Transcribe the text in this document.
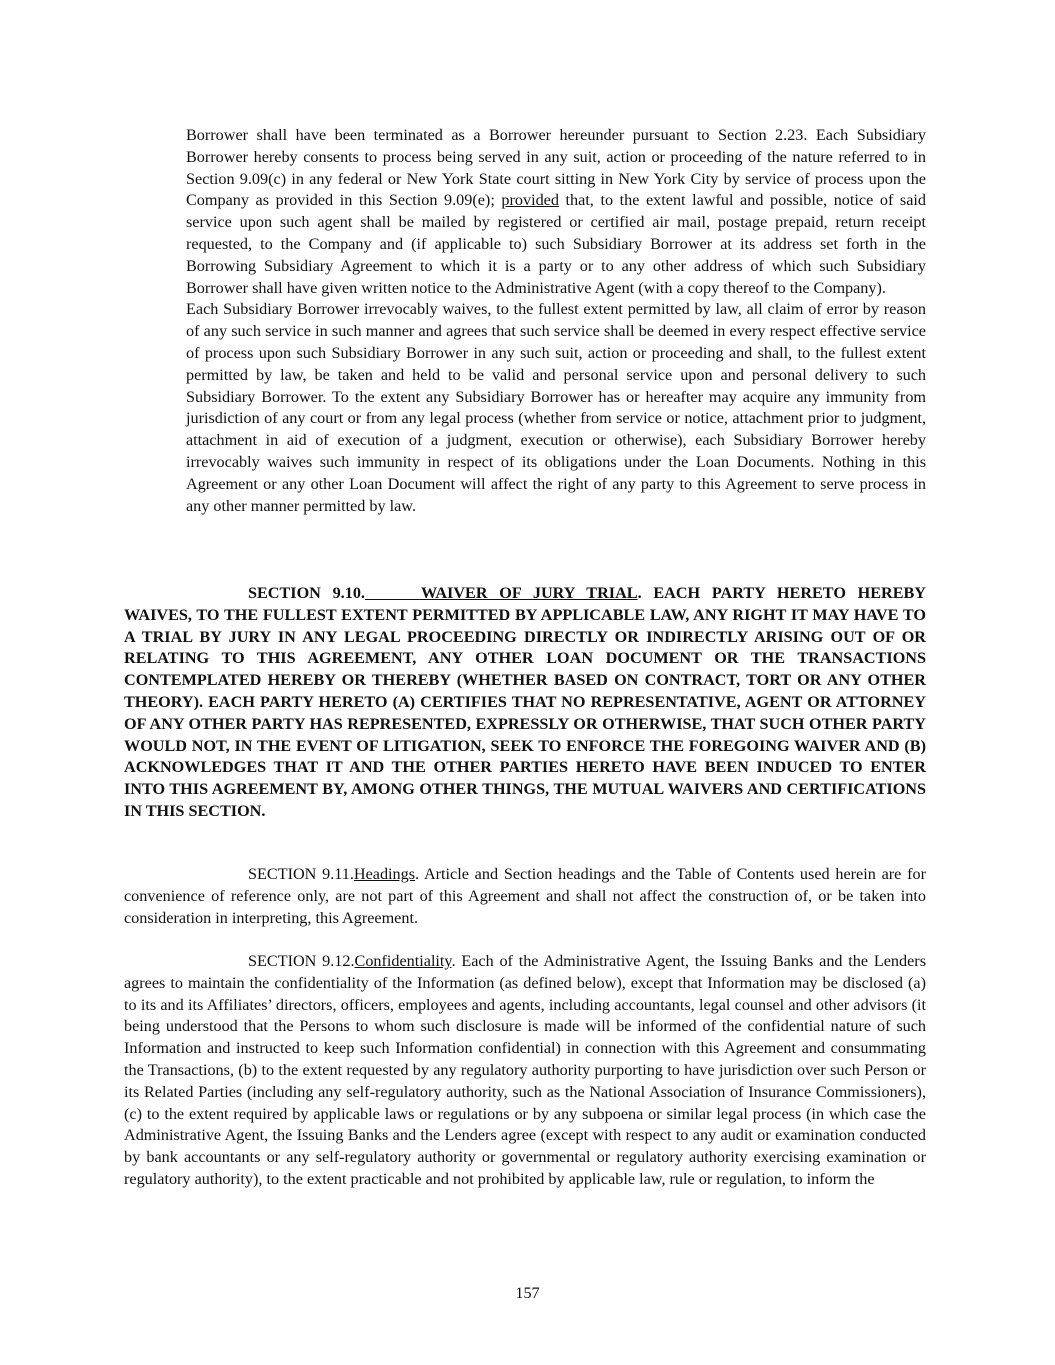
Borrower shall have been terminated as a Borrower hereunder pursuant to Section 2.23. Each Subsidiary Borrower hereby consents to process being served in any suit, action or proceeding of the nature referred to in Section 9.09(c) in any federal or New York State court sitting in New York City by service of process upon the Company as provided in this Section 9.09(e); provided that, to the extent lawful and possible, notice of said service upon such agent shall be mailed by registered or certified air mail, postage prepaid, return receipt requested, to the Company and (if applicable to) such Subsidiary Borrower at its address set forth in the Borrowing Subsidiary Agreement to which it is a party or to any other address of which such Subsidiary Borrower shall have given written notice to the Administrative Agent (with a copy thereof to the Company).
Each Subsidiary Borrower irrevocably waives, to the fullest extent permitted by law, all claim of error by reason of any such service in such manner and agrees that such service shall be deemed in every respect effective service of process upon such Subsidiary Borrower in any such suit, action or proceeding and shall, to the fullest extent permitted by law, be taken and held to be valid and personal service upon and personal delivery to such Subsidiary Borrower. To the extent any Subsidiary Borrower has or hereafter may acquire any immunity from jurisdiction of any court or from any legal process (whether from service or notice, attachment prior to judgment, attachment in aid of execution of a judgment, execution or otherwise), each Subsidiary Borrower hereby irrevocably waives such immunity in respect of its obligations under the Loan Documents. Nothing in this Agreement or any other Loan Document will affect the right of any party to this Agreement to serve process in any other manner permitted by law.

SECTION 9.10.	WAIVER OF JURY TRIAL. EACH PARTY HERETO HEREBY WAIVES, TO THE FULLEST EXTENT PERMITTED BY APPLICABLE LAW, ANY RIGHT IT MAY HAVE TO A TRIAL BY JURY IN ANY LEGAL PROCEEDING DIRECTLY OR INDIRECTLY ARISING OUT OF OR RELATING TO THIS AGREEMENT, ANY OTHER LOAN DOCUMENT OR THE TRANSACTIONS CONTEMPLATED HEREBY OR THEREBY (WHETHER BASED ON CONTRACT, TORT OR ANY OTHER THEORY). EACH PARTY HERETO (A) CERTIFIES THAT NO REPRESENTATIVE, AGENT OR ATTORNEY OF ANY OTHER PARTY HAS REPRESENTED, EXPRESSLY OR OTHERWISE, THAT SUCH OTHER PARTY WOULD NOT, IN THE EVENT OF LITIGATION, SEEK TO ENFORCE THE FOREGOING WAIVER AND (B) ACKNOWLEDGES THAT IT AND THE OTHER PARTIES HERETO HAVE BEEN INDUCED TO ENTER INTO THIS AGREEMENT BY, AMONG OTHER THINGS, THE MUTUAL WAIVERS AND CERTIFICATIONS IN THIS SECTION.

SECTION 9.11.Headings. Article and Section headings and the Table of Contents used herein are for convenience of reference only, are not part of this Agreement and shall not affect the construction of, or be taken into consideration in interpreting, this Agreement.

SECTION 9.12.Confidentiality. Each of the Administrative Agent, the Issuing Banks and the Lenders agrees to maintain the confidentiality of the Information (as defined below), except that Information may be disclosed (a) to its and its Affiliates’ directors, officers, employees and agents, including accountants, legal counsel and other advisors (it being understood that the Persons to whom such disclosure is made will be informed of the confidential nature of such Information and instructed to keep such Information confidential) in connection with this Agreement and consummating the Transactions, (b) to the extent requested by any regulatory authority purporting to have jurisdiction over such Person or its Related Parties (including any self-regulatory authority, such as the National Association of Insurance Commissioners), (c) to the extent required by applicable laws or regulations or by any subpoena or similar legal process (in which case the Administrative Agent, the Issuing Banks and the Lenders agree (except with respect to any audit or examination conducted by bank accountants or any self-regulatory authority or governmental or regulatory authority exercising examination or regulatory authority), to the extent practicable and not prohibited by applicable law, rule or regulation, to inform the

157
